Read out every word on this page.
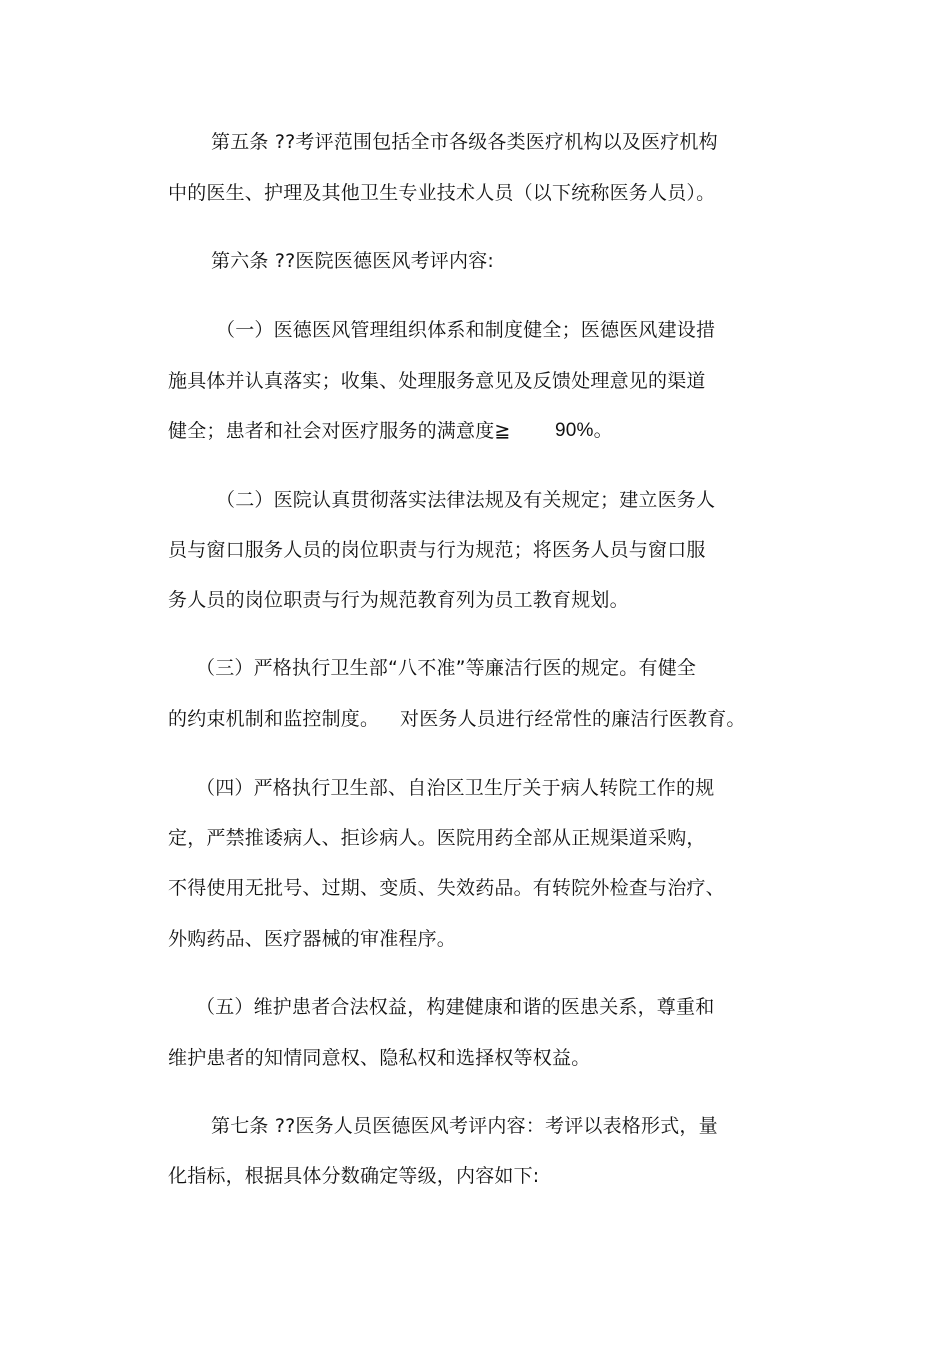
第五条 ??考评范围包括全市各级各类医疗机构以及医疗机构
中的医生、护理及其他卫生专业技术人员（以下统称医务人员）。
第六条 ??医院医德医风考评内容:
（一）医德医风管理组织体系和制度健全；医德医风建设措
施具体并认真落实；收集、处理服务意见及反馈处理意见的渠道
健全；患者和社会对医疗服务的满意度≧ 90%。
（二）医院认真贯彻落实法律法规及有关规定；建立医务人
员与窗口服务人员的岗位职责与行为规范；将医务人员与窗口服
务人员的岗位职责与行为规范教育列为员工教育规划。
（三）严格执行卫生部“八不准”等廉洁行医的规定。有健全
的约束机制和监控制度。 对医务人员进行经常性的廉洁行医教育。
（四）严格执行卫生部、自治区卫生厅关于病人转院工作的规
定，严禁推诿病人、拒诊病人。医院用药全部从正规渠道采购，
不得使用无批号、过期、变质、失效药品。有转院外检查与治疗、
外购药品、医疗器械的审准程序。
（五）维护患者合法权益，构建健康和谐的医患关系，尊重和
维护患者的知情同意权、隐私权和选择权等权益。
第七条 ??医务人员医德医风考评内容：考评以表格形式，量
化指标，根据具体分数确定等级，内容如下:
